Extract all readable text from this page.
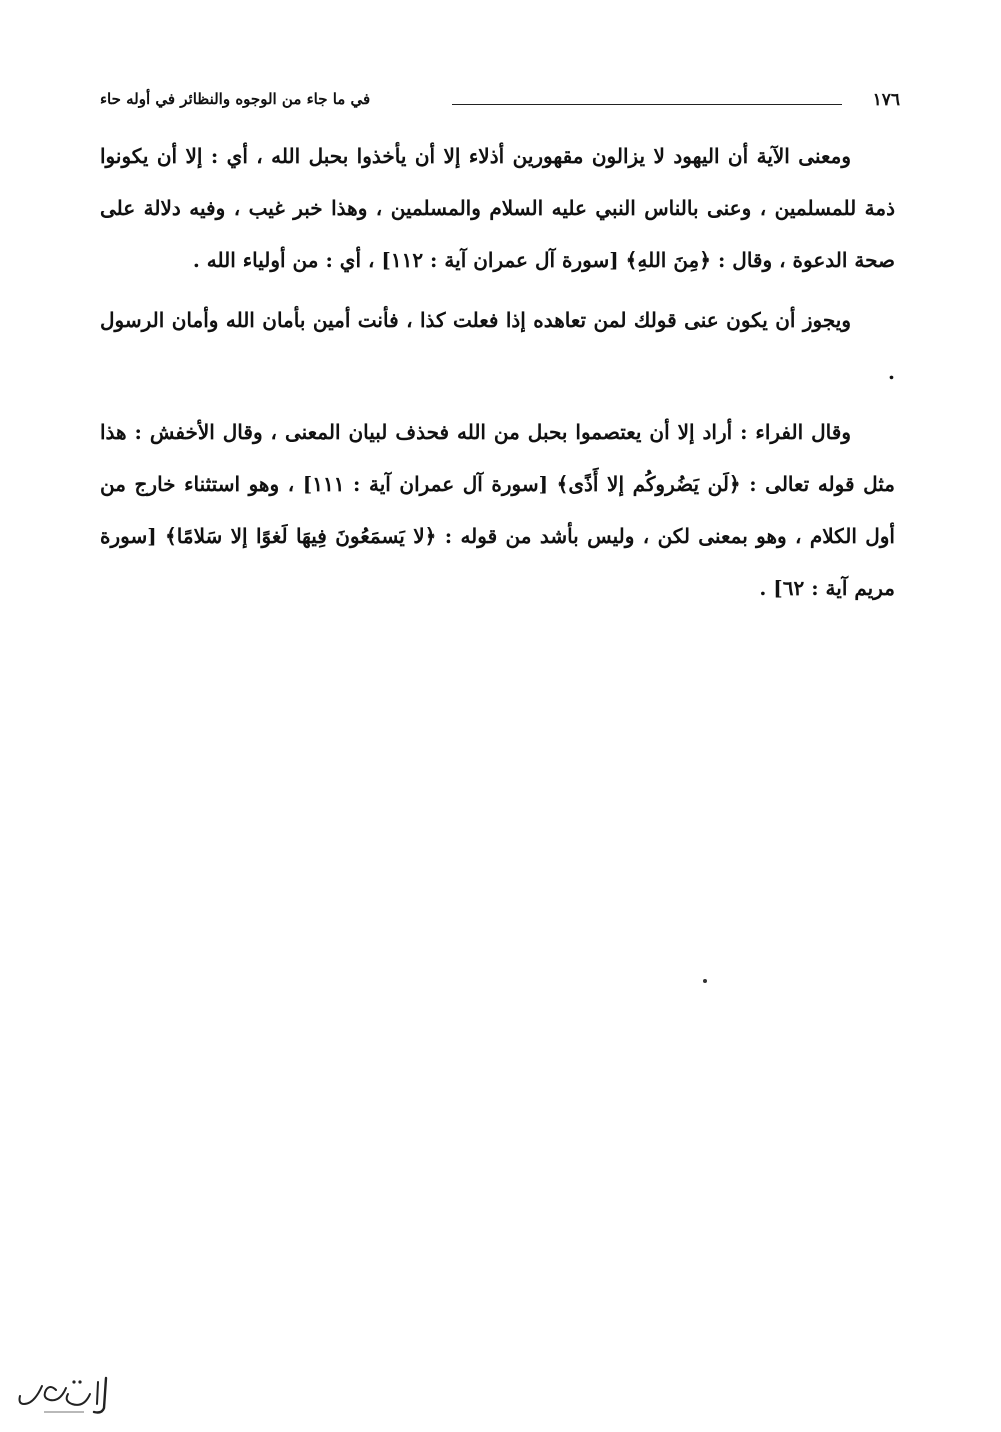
١٧٦
في ما جاء من الوجوه والنظائر في أوله حاء

ومعنى الآية أن اليهود لا يزالون مقهورين أذلاء إلا أن يأخذوا بحبل الله ، أي : إلا أن يكونوا ذمة للمسلمين ، وعنى بالناس النبي عليه السلام والمسلمين ، وهذا خبر غيب ، وفيه دلالة على صحة الدعوة ، وقال : ﴿مِنَ اللهِ﴾ [سورة آل عمران آية : ١١٢] ، أي : من أولياء الله .

ويجوز أن يكون عنى قولك لمن تعاهده إذا فعلت كذا ، فأنت أمين بأمان الله وأمان الرسول .

وقال الفراء : أراد إلا أن يعتصموا بحبل من الله فحذف لبيان المعنى ، وقال الأخفش : هذا مثل قوله تعالى : ﴿لَن يَضُروكُم إلا أَذًى﴾ [سورة آل عمران آية : ١١١] ، وهو استثناء خارج من أول الكلام ، وهو بمعنى لكن ، وليس بأشد من قوله : ﴿لا يَسمَعُونَ فِيهَا لَغوًا إلا سَلامًا﴾ [سورة مريم آية : ٦٢] .
